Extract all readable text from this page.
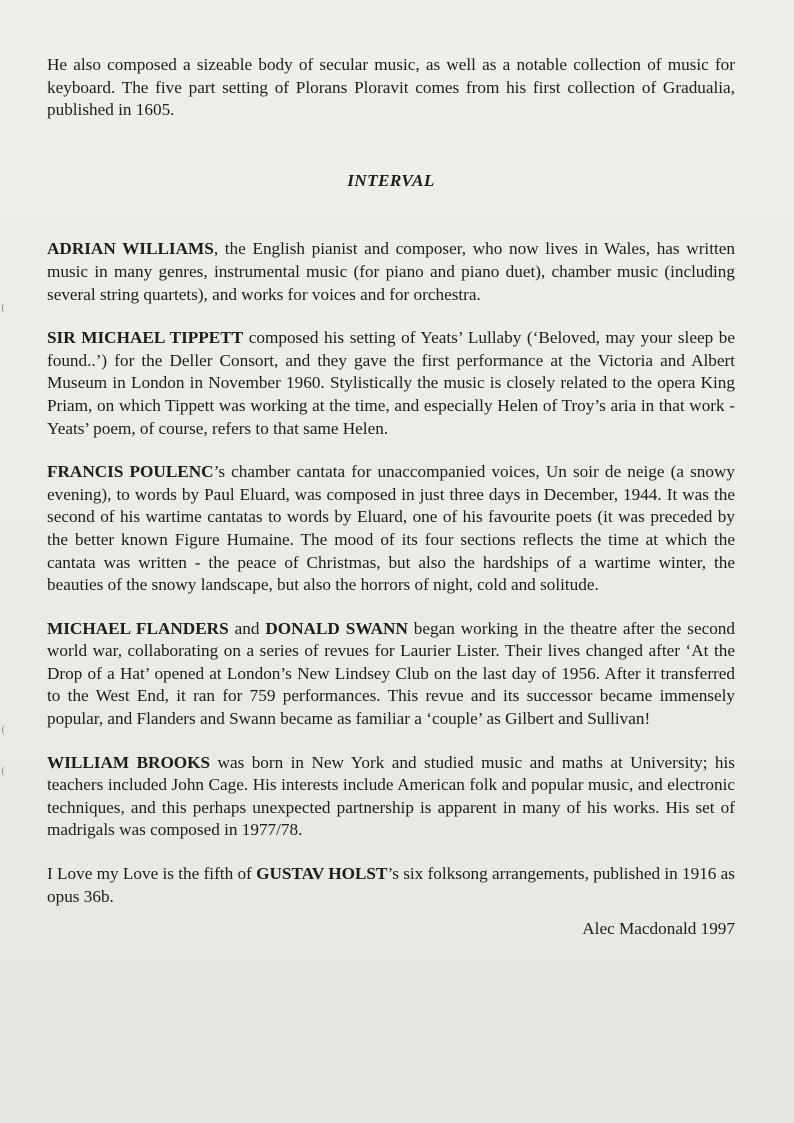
He also composed a sizeable body of secular music, as well as a notable collection of music for keyboard. The five part setting of Plorans Ploravit comes from his first collection of Gradualia, published in 1605.

INTERVAL

ADRIAN WILLIAMS, the English pianist and composer, who now lives in Wales, has written music in many genres, instrumental music (for piano and piano duet), chamber music (including several string quartets), and works for voices and for orchestra.

SIR MICHAEL TIPPETT composed his setting of Yeats’ Lullaby (‘Beloved, may your sleep be found..’) for the Deller Consort, and they gave the first performance at the Victoria and Albert Museum in London in November 1960. Stylistically the music is closely related to the opera King Priam, on which Tippett was working at the time, and especially Helen of Troy’s aria in that work - Yeats’ poem, of course, refers to that same Helen.

FRANCIS POULENC’s chamber cantata for unaccompanied voices, Un soir de neige (a snowy evening), to words by Paul Eluard, was composed in just three days in December, 1944. It was the second of his wartime cantatas to words by Eluard, one of his favourite poets (it was preceded by the better known Figure Humaine. The mood of its four sections reflects the time at which the cantata was written - the peace of Christmas, but also the hardships of a wartime winter, the beauties of the snowy landscape, but also the horrors of night, cold and solitude.

MICHAEL FLANDERS and DONALD SWANN began working in the theatre after the second world war, collaborating on a series of revues for Laurier Lister. Their lives changed after ‘At the Drop of a Hat’ opened at London’s New Lindsey Club on the last day of 1956. After it transferred to the West End, it ran for 759 performances. This revue and its successor became immensely popular, and Flanders and Swann became as familiar a ‘couple’ as Gilbert and Sullivan!

WILLIAM BROOKS was born in New York and studied music and maths at University; his teachers included John Cage. His interests include American folk and popular music, and electronic techniques, and this perhaps unexpected partnership is apparent in many of his works. His set of madrigals was composed in 1977/78.

I Love my Love is the fifth of GUSTAV HOLST’s six folksong arrangements, published in 1916 as opus 36b.

Alec Macdonald 1997
